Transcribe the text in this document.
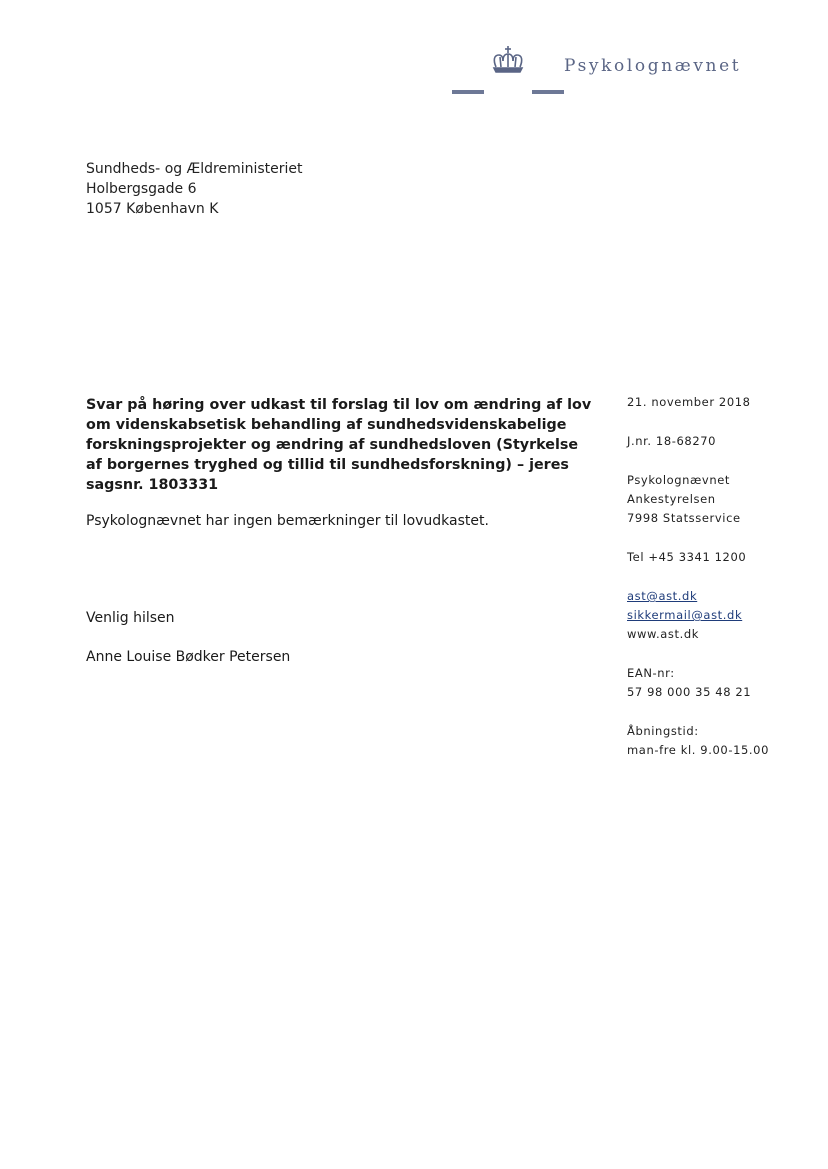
Psykolognævnet
Sundheds- og Ældreministeriet
Holbergsgade 6
1057 København K
Svar på høring over udkast til forslag til lov om ændring af lov om videnskabsetisk behandling af sundhedsvidenskabelige forskningsprojekter og ændring af sundhedsloven (Styrkelse af borgernes tryghed og tillid til sundhedsforskning) – jeres sagsnr. 1803331
Psykolognævnet har ingen bemærkninger til lovudkastet.
Venlig hilsen
Anne Louise Bødker Petersen
21. november 2018
J.nr. 18-68270
Psykolognævnet
Ankestyrelsen
7998 Statsservice
Tel +45 3341 1200
ast@ast.dk
sikkermail@ast.dk
www.ast.dk
EAN-nr:
57 98 000 35 48 21
Åbningstid:
man-fre kl. 9.00-15.00
